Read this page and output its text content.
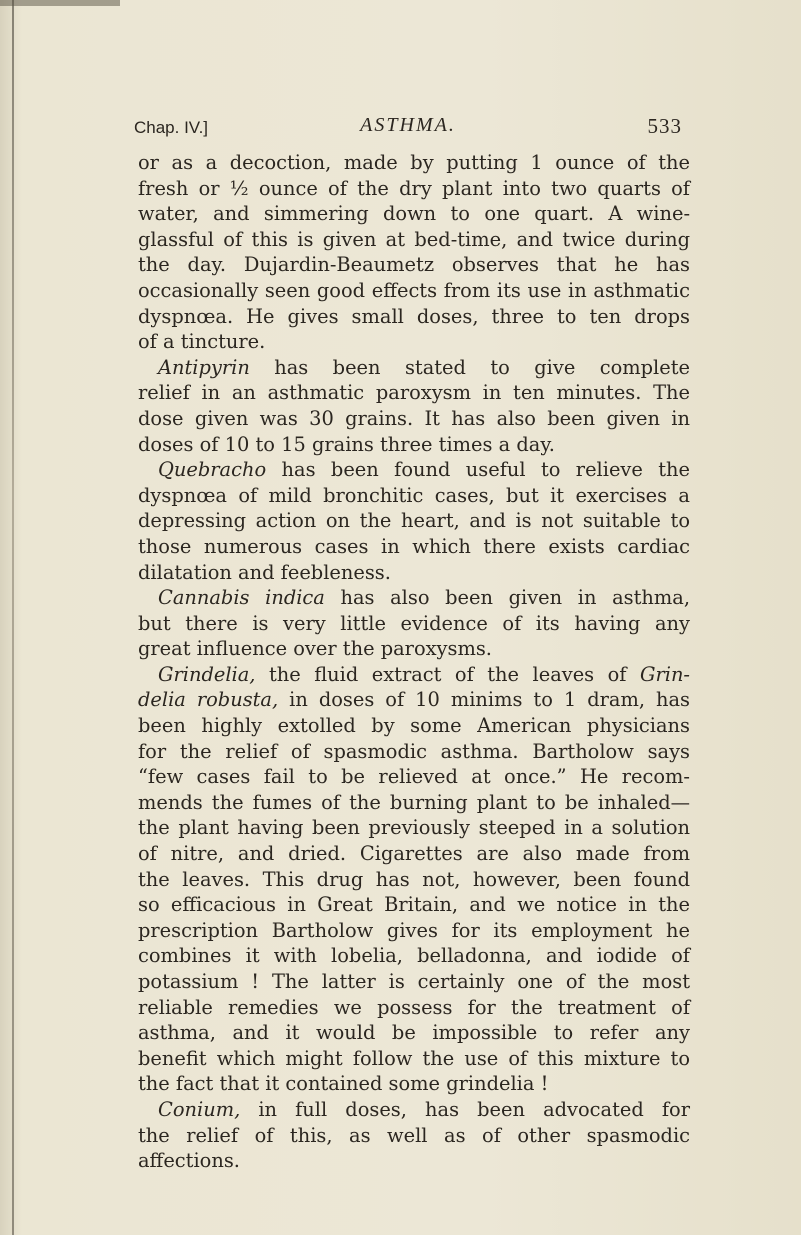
Chap. IV.]	ASTHMA.	533
or as a decoction, made by putting 1 ounce of the
fresh or ½ ounce of the dry plant into two quarts of
water, and simmering down to one quart. A wine-
glassful of this is given at bed-time, and twice during
the day. Dujardin-Beaumetz observes that he has
occasionally seen good effects from its use in asthmatic
dyspnœa. He gives small doses, three to ten drops
of a tincture.
Antipyrin has been stated to give complete
relief in an asthmatic paroxysm in ten minutes. The
dose given was 30 grains. It has also been given in
doses of 10 to 15 grains three times a day.
Quebracho has been found useful to relieve the
dyspnœa of mild bronchitic cases, but it exercises a
depressing action on the heart, and is not suitable to
those numerous cases in which there exists cardiac
dilatation and feebleness.
Cannabis indica has also been given in asthma,
but there is very little evidence of its having any
great influence over the paroxysms.
Grindelia, the fluid extract of the leaves of Grin-
delia robusta, in doses of 10 minims to 1 dram, has
been highly extolled by some American physicians
for the relief of spasmodic asthma. Bartholow says
“few cases fail to be relieved at once.” He recom-
mends the fumes of the burning plant to be inhaled—
the plant having been previously steeped in a solution
of nitre, and dried. Cigarettes are also made from
the leaves. This drug has not, however, been found
so efficacious in Great Britain, and we notice in the
prescription Bartholow gives for its employment he
combines it with lobelia, belladonna, and iodide of
potassium ! The latter is certainly one of the most
reliable remedies we possess for the treatment of
asthma, and it would be impossible to refer any
benefit which might follow the use of this mixture to
the fact that it contained some grindelia !
Conium, in full doses, has been advocated for
the relief of this, as well as of other spasmodic
affections.
